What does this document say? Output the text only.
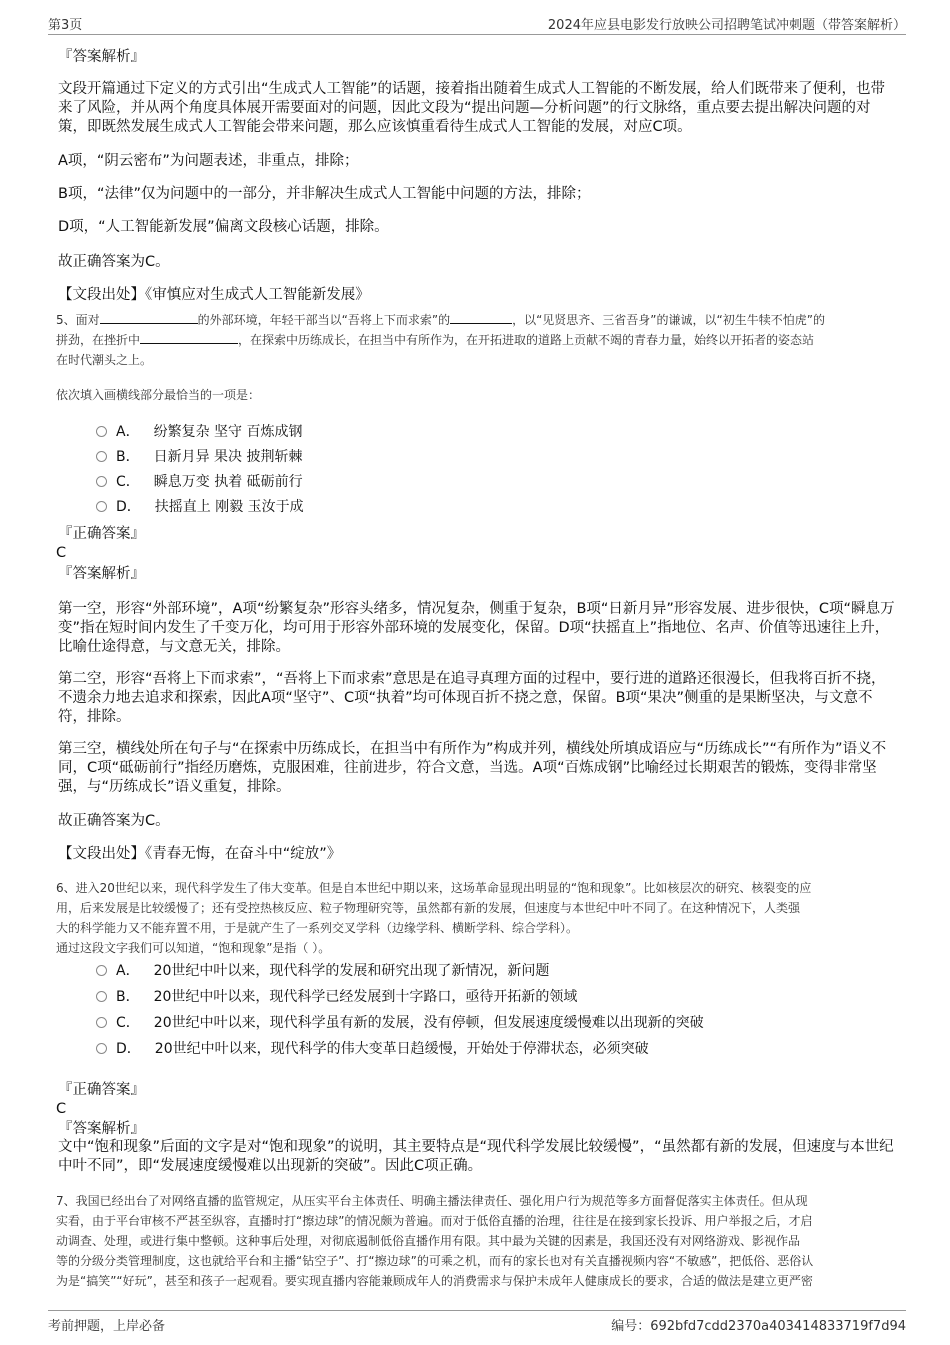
第3页	2024年应县电影发行放映公司招聘笔试冲刺题（带答案解析）
『答案解析』
文段开篇通过下定义的方式引出“生成式人工智能”的话题，接着指出随着生成式人工智能的不断发展，给人们既带来了便利，也带来了风险，并从两个角度具体展开需要面对的问题，因此文段为“提出问题—分析问题”的行文脉络，重点要去提出解决问题的对策，即既然发展生成式人工智能会带来问题，那么应该慎重看待生成式人工智能的发展，对应C项。
A项，“阴云密布”为问题表述，非重点，排除；
B项，“法律”仅为问题中的一部分，并非解决生成式人工智能中问题的方法，排除；
D项，“人工智能新发展”偏离文段核心话题，排除。
故正确答案为C。
【文段出处】《审慎应对生成式人工智能新发展》
5、面对	的外部环境，年轻干部当以“吾将上下而求索”的	，以“见贤思齐、三省吾身”的谦诚，以“初生牛犊不怕虎”的
拼劲，在挫折中	，在探索中历练成长，在担当中有所作为，在开拓进取的道路上贡献不竭的青春力量，始终以开拓者的姿态站
在时代潮头之上。
依次填入画横线部分最恰当的一项是：
A． 纷繁复杂 坚守 百炼成钢
B． 日新月异 果决 披荆斩棘
C． 瞬息万变 执着 砥砺前行
D． 扶摇直上 刚毅 玉汝于成
『正确答案』
C
『答案解析』
第一空，形容“外部环境”，A项“纷繁复杂”形容头绪多，情况复杂，侧重于复杂，B项“日新月异”形容发展、进步很快，C项“瞬息万变”指在短时间内发生了千变万化，均可用于形容外部环境的发展变化，保留。D项“扶摇直上”指地位、名声、价值等迅速往上升，比喻仕途得意，与文意无关，排除。
第二空，形容“吾将上下而求索”，“吾将上下而求索”意思是在追寻真理方面的过程中，要行进的道路还很漫长，但我将百折不挠，不遗余力地去追求和探索，因此A项“坚守”、C项“执着”均可体现百折不挠之意，保留。B项“果决”侧重的是果断坚决，与文意不符，排除。
第三空，横线处所在句子与“在探索中历练成长，在担当中有所作为”构成并列，横线处所填成语应与“历练成长”“有所作为”语义不同，C项“砥砺前行”指经历磨炼，克服困难，往前进步，符合文意，当选。A项“百炼成钢”比喻经过长期艰苦的锻炼，变得非常坚强，与“历练成长”语义重复，排除。
故正确答案为C。
【文段出处】《青春无悔，在奋斗中“绽放”》
6、进入20世纪以来，现代科学发生了伟大变革。但是自本世纪中期以来，这场革命显现出明显的“饱和现象”。比如核层次的研究、核裂变的应
用，后来发展是比较缓慢了；还有受控热核反应、粒子物理研究等，虽然都有新的发展，但速度与本世纪中叶不同了。在这种情况下，人类强
大的科学能力又不能弃置不用，于是就产生了一系列交叉学科（边缘学科、横断学科、综合学科）。
通过这段文字我们可以知道，“饱和现象”是指（ ）。
A． 20世纪中叶以来，现代科学的发展和研究出现了新情况，新问题
B． 20世纪中叶以来，现代科学已经发展到十字路口，亟待开拓新的领域
C． 20世纪中叶以来，现代科学虽有新的发展，没有停顿，但发展速度缓慢难以出现新的突破
D． 20世纪中叶以来，现代科学的伟大变革日趋缓慢，开始处于停滞状态，必须突破
『正确答案』
C
『答案解析』
文中“饱和现象”后面的文字是对“饱和现象”的说明，其主要特点是“现代科学发展比较缓慢”，“虽然都有新的发展，但速度与本世纪中叶不同”，即“发展速度缓慢难以出现新的突破”。因此C项正确。
7、我国已经出台了对网络直播的监管规定，从压实平台主体责任、明确主播法律责任、强化用户行为规范等多方面督促落实主体责任。但从现
实看，由于平台审核不严甚至纵容，直播时打“擦边球”的情况颇为普遍。而对于低俗直播的治理，往往是在接到家长投诉、用户举报之后，才启
动调查、处理，或进行集中整顿。这种事后处理，对彻底遏制低俗直播作用有限。其中最为关键的因素是，我国还没有对网络游戏、影视作品
等的分级分类管理制度，这也就给平台和主播“钻空子”、打“擦边球”的可乘之机，而有的家长也对有关直播视频内容“不敏感”，把低俗、恶俗认
为是“搞笑”“好玩”，甚至和孩子一起观看。要实现直播内容能兼顾成年人的消费需求与保护未成年人健康成长的要求，合适的做法是建立更严密
考前押题，上岸必备	编号：692bfd7cdd2370a403414833719f7d94
